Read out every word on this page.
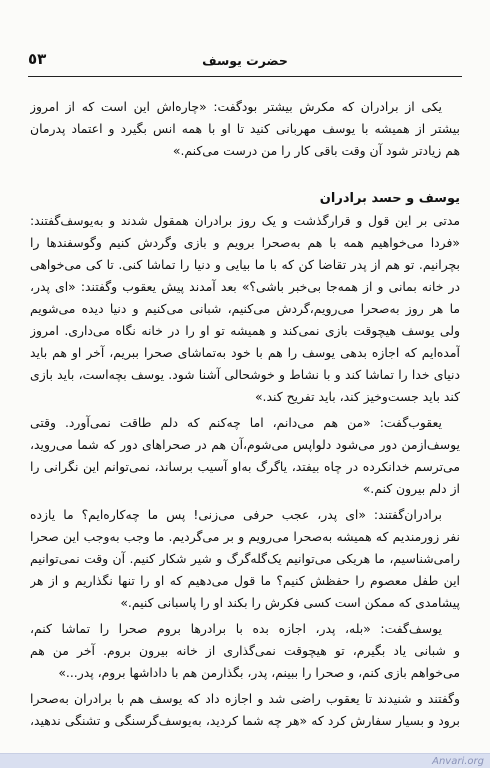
٥٣	حضرت یوسف
یکی از برادران که مکرش بیشتر بودگفت: «چاره‌اش این است که از امروز
بیشتر از همیشه با یوسف مهربانی کنید تا او با همه انس بگیرد و اعتماد پدرمان
هم زیادتر شود آن وقت باقی کار را من درست می‌کنم.»
یوسف و حسد برادران
مدتی بر این قول و قرارگذشت و یک روز برادران همقول شدند و به‌یوسف‌گفتند:
«فردا می‌خواهیم همه با هم به‌صحرا برویم و بازی وگردش کنیم وگوسفندها را
بچرانیم. تو هم از پدر تقاضا کن که با ما بیایی و دنیا را تماشا کنی. تا کی می‌خواهی
در خانه بمانی و از همه‌جا بی‌خبر باشی؟» بعد آمدند پیش یعقوب وگفتند: «ای پدر،
ما هر روز به‌صحرا می‌رویم،گردش می‌کنیم، شبانی می‌کنیم و دنیا دیده می‌شویم
ولی یوسف هیچوقت بازی نمی‌کند و همیشه تو او را در خانه نگاه می‌داری. امروز
آمده‌ایم که اجازه بدهی یوسف را هم با خود به‌تماشای صحرا ببریم، آخر او هم باید
دنیای خدا را تماشا کند و با نشاط و خوشحالی آشنا شود. یوسف بچه‌است، باید بازی
کند باید جست‌وخیز کند، باید تفریح کند.»
یعقوب‌گفت: «من هم می‌دانم، اما چه‌کنم که دلم طاقت نمی‌آورد. وقتی
یوسف‌ازمن دور می‌شود دلواپس می‌شوم،آن هم در صحراهای دور که شما می‌روید،
می‌ترسم خدانکرده در چاه بیفتد، یاگرگ به‌او آسیب برساند، نمی‌توانم این نگرانی را
از دلم بیرون کنم.»
برادران‌گفتند: «ای پدر، عجب حرفی می‌زنی! پس ما چه‌کاره‌ایم؟ ما یازده
نفر زورمندیم که همیشه به‌صحرا می‌رویم و بر می‌گردیم. ما وجب به‌وجب این صحرا
رامی‌شناسیم، ما هریکی می‌توانیم یک‌گله‌گرگ و شیر شکار کنیم. آن وقت نمی‌توانیم
این طفل معصوم را حفظش کنیم؟ ما قول می‌دهیم که او را تنها نگذاریم و از هر
پیشامدی که ممکن است کسی فکرش را بکند او را پاسبانی کنیم.»
یوسف‌گفت: «بله، پدر، اجازه بده با برادرها بروم صحرا را تماشا کنم،
و شبانی یاد بگیرم، تو هیچوقت نمی‌گذاری از خانه بیرون بروم. آخر من هم
می‌خواهم بازی کنم، و صحرا را ببینم، پدر، بگذارمن هم با داداشها بروم، پدر...»
وگفتند و شنیدند تا یعقوب راضی شد و اجازه داد که یوسف هم با برادران به‌صحرا
برود و بسیار سفارش کرد که «هر چه شما کردید، به‌یوسف‌گرسنگی و تشنگی ندهید،
Anvari.org
